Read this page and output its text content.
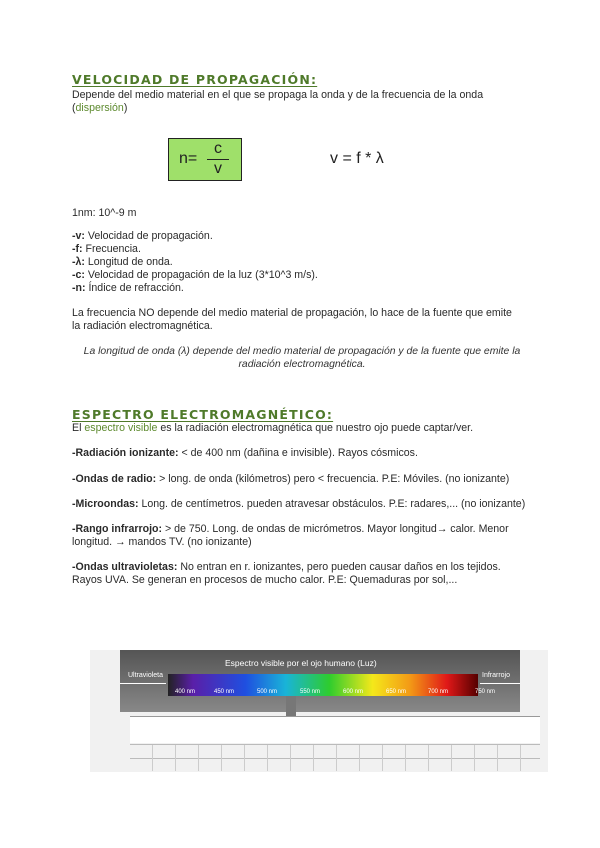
VELOCIDAD DE PROPAGACIÓN:
Depende del medio material en el que se propaga la onda y de la frecuencia de la onda
(dispersión)
n=
c
v
v = f * λ
1nm: 10^-9 m
-v: Velocidad de propagación.
-f: Frecuencia.
-λ: Longitud de onda.
-c: Velocidad de propagación de la luz (3*10^3 m/s).
-n: Índice de refracción.
La frecuencia NO depende del medio material de propagación, lo hace de la fuente que emite la radiación electromagnética.
La longitud de onda (λ) depende del medio material de propagación y de la fuente que emite la radiación electromagnética.
ESPECTRO ELECTROMAGNÉTICO:
El espectro visible es la radiación electromagnética que nuestro ojo puede captar/ver.
-Radiación ionizante: < de 400 nm (dañina e invisible). Rayos cósmicos.
-Ondas de radio: > long. de onda (kilómetros) pero < frecuencia. P.E: Móviles. (no ionizante)
-Microondas: Long. de centímetros. pueden atravesar obstáculos. P.E: radares,... (no ionizante)
-Rango infrarrojo: > de 750. Long. de ondas de micrómetros. Mayor longitud→ calor. Menor longitud. → mandos TV. (no ionizante)
-Ondas ultravioletas: No entran en r. ionizantes, pero pueden causar daños en los tejidos. Rayos UVA. Se generan en procesos de mucho calor. P.E: Quemaduras por sol,...
Espectro visible por el ojo humano (Luz)
Ultravioleta	Infrarrojo
400 nm	450 nm	500 nm	550 nm	600 nm	650 nm	700 nm	750 nm
